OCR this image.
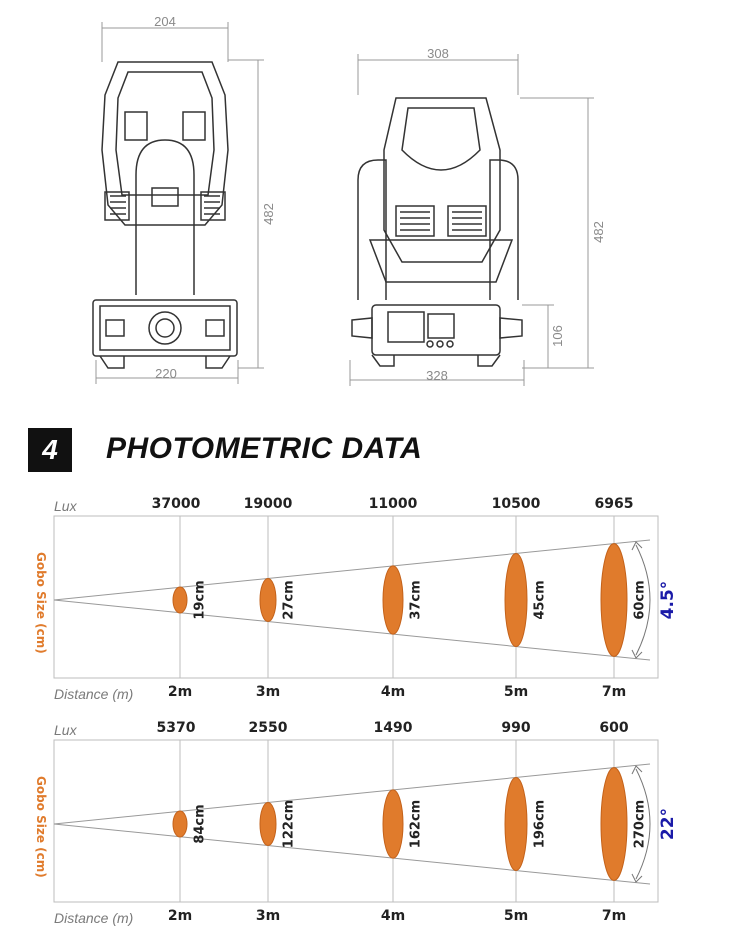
204
482
220
308
482
106
328
4	PHOTOMETRIC DATA
Lux
Distance (m)
Gobo Size (cm)
37000
2m
19cm
19000
3m
27cm
11000
4m
37cm
10500
5m
45cm
6965
7m
60cm 4.5°
Lux
Distance (m)
Gobo Size (cm)
5370
2m
84cm
2550
3m
122cm
1490
4m
162cm
990
5m
196cm
600
7m
270cm 22°
